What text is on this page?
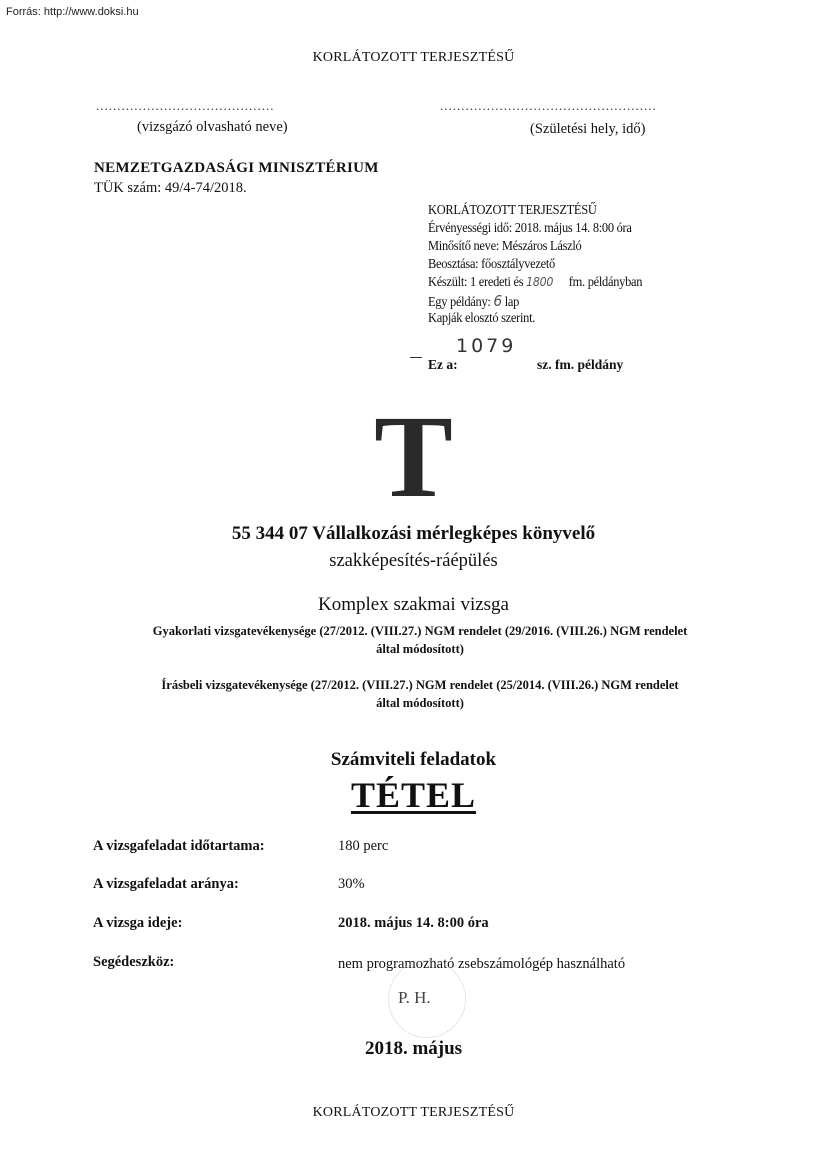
Forrás: http://www.doksi.hu
KORLÁTOZOTT TERJESZTÉSŰ
..........................................	...................................................
(vizsgázó olvasható neve)	(Születési hely, idő)
NEMZETGAZDASÁGI MINISZTÉRIUM
TÜK szám: 49/4-74/2018.
KORLÁTOZOTT TERJESZTÉSŰ
Érvényességi idő: 2018. május 14. 8:00 óra
Minősítő neve: Mészáros László
Beosztása: főosztályvezető
Készült: 1 eredeti és 1800 fm. példányban
Egy példány: 6 lap
Kapják elosztó szerint.
1079
Ez a:	sz. fm. példány
T
55 344 07 Vállalkozási mérlegképes könyvelő
szakképesítés-ráépülés
Komplex szakmai vizsga
Gyakorlati vizsgatevékenysége (27/2012. (VIII.27.) NGM rendelet (29/2016. (VIII.26.) NGM rendelet
által módosított)
Írásbeli vizsgatevékenysége (27/2012. (VIII.27.) NGM rendelet (25/2014. (VIII.26.) NGM rendelet
által módosított)
Számviteli feladatok
TÉTEL
A vizsgafeladat időtartama:	180 perc
A vizsgafeladat aránya:	30%
A vizsga ideje:	2018. május 14. 8:00 óra
Segédeszköz:	nem programozható zsebszámológép használható
P. H.
2018. május
KORLÁTOZOTT TERJESZTÉSŰ
